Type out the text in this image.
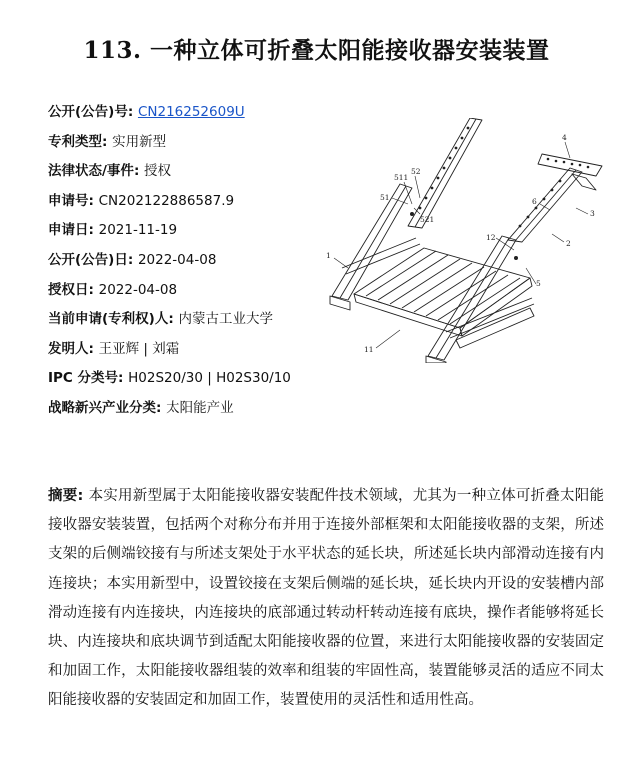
113. 一种立体可折叠太阳能接收器安装装置
公开(公告)号: CN216252609U
专利类型: 实用新型
法律状态/事件: 授权
申请号: CN202122886587.9
申请日: 2021-11-19
公开(公告)日: 2022-04-08
授权日: 2022-04-08
当前申请(专利权)人: 内蒙古工业大学
发明人: 王亚辉 | 刘霜
IPC 分类号: H02S20/30 | H02S30/10
战略新兴产业分类: 太阳能产业
4
52
511
51
521
6
3
12
2
1
5
11
摘要: 本实用新型属于太阳能接收器安装配件技术领域，尤其为一种立体可折叠太阳能接收器安装装置，包括两个对称分布并用于连接外部框架和太阳能接收器的支架，所述支架的后侧端铰接有与所述支架处于水平状态的延长块，所述延长块内部滑动连接有内连接块；本实用新型中，设置铰接在支架后侧端的延长块，延长块内开设的安装槽内部滑动连接有内连接块，内连接块的底部通过转动杆转动连接有底块，操作者能够将延长块、内连接块和底块调节到适配太阳能接收器的位置，来进行太阳能接收器的安装固定和加固工作，太阳能接收器组装的效率和组装的牢固性高，装置能够灵活的适应不同太阳能接收器的安装固定和加固工作，装置使用的灵活性和适用性高。
